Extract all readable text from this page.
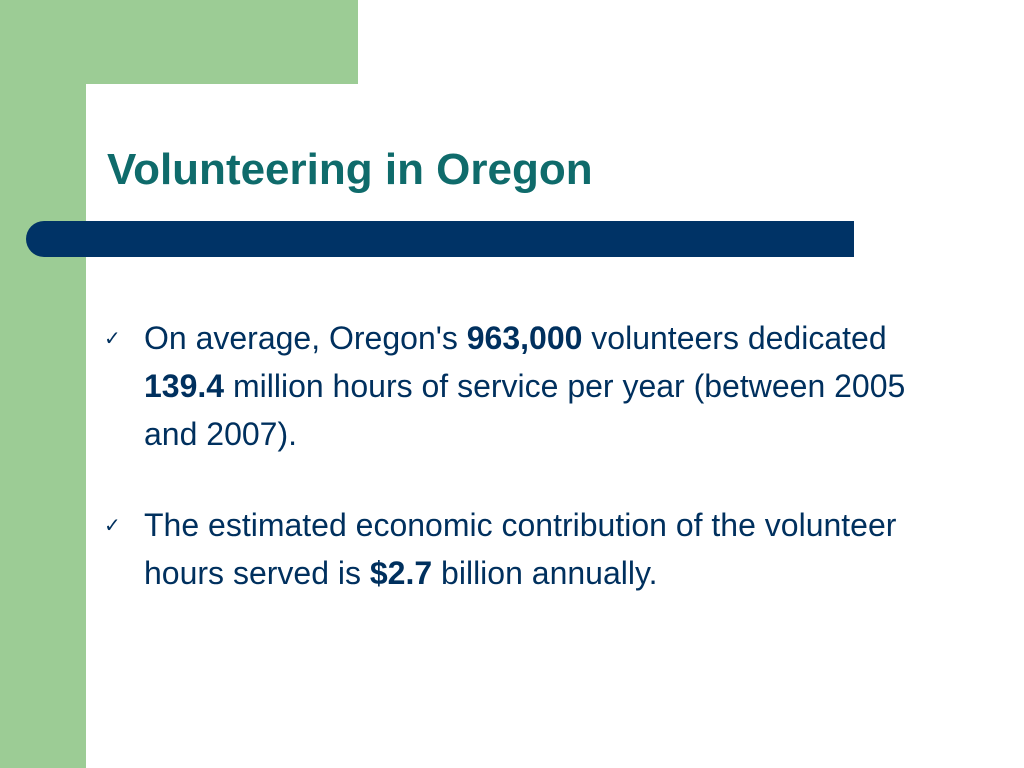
Volunteering in Oregon
✓ On average, Oregon's 963,000 volunteers dedicated 139.4 million hours of service per year (between 2005 and 2007).
✓ The estimated economic contribution of the volunteer hours served is $2.7 billion annually.
